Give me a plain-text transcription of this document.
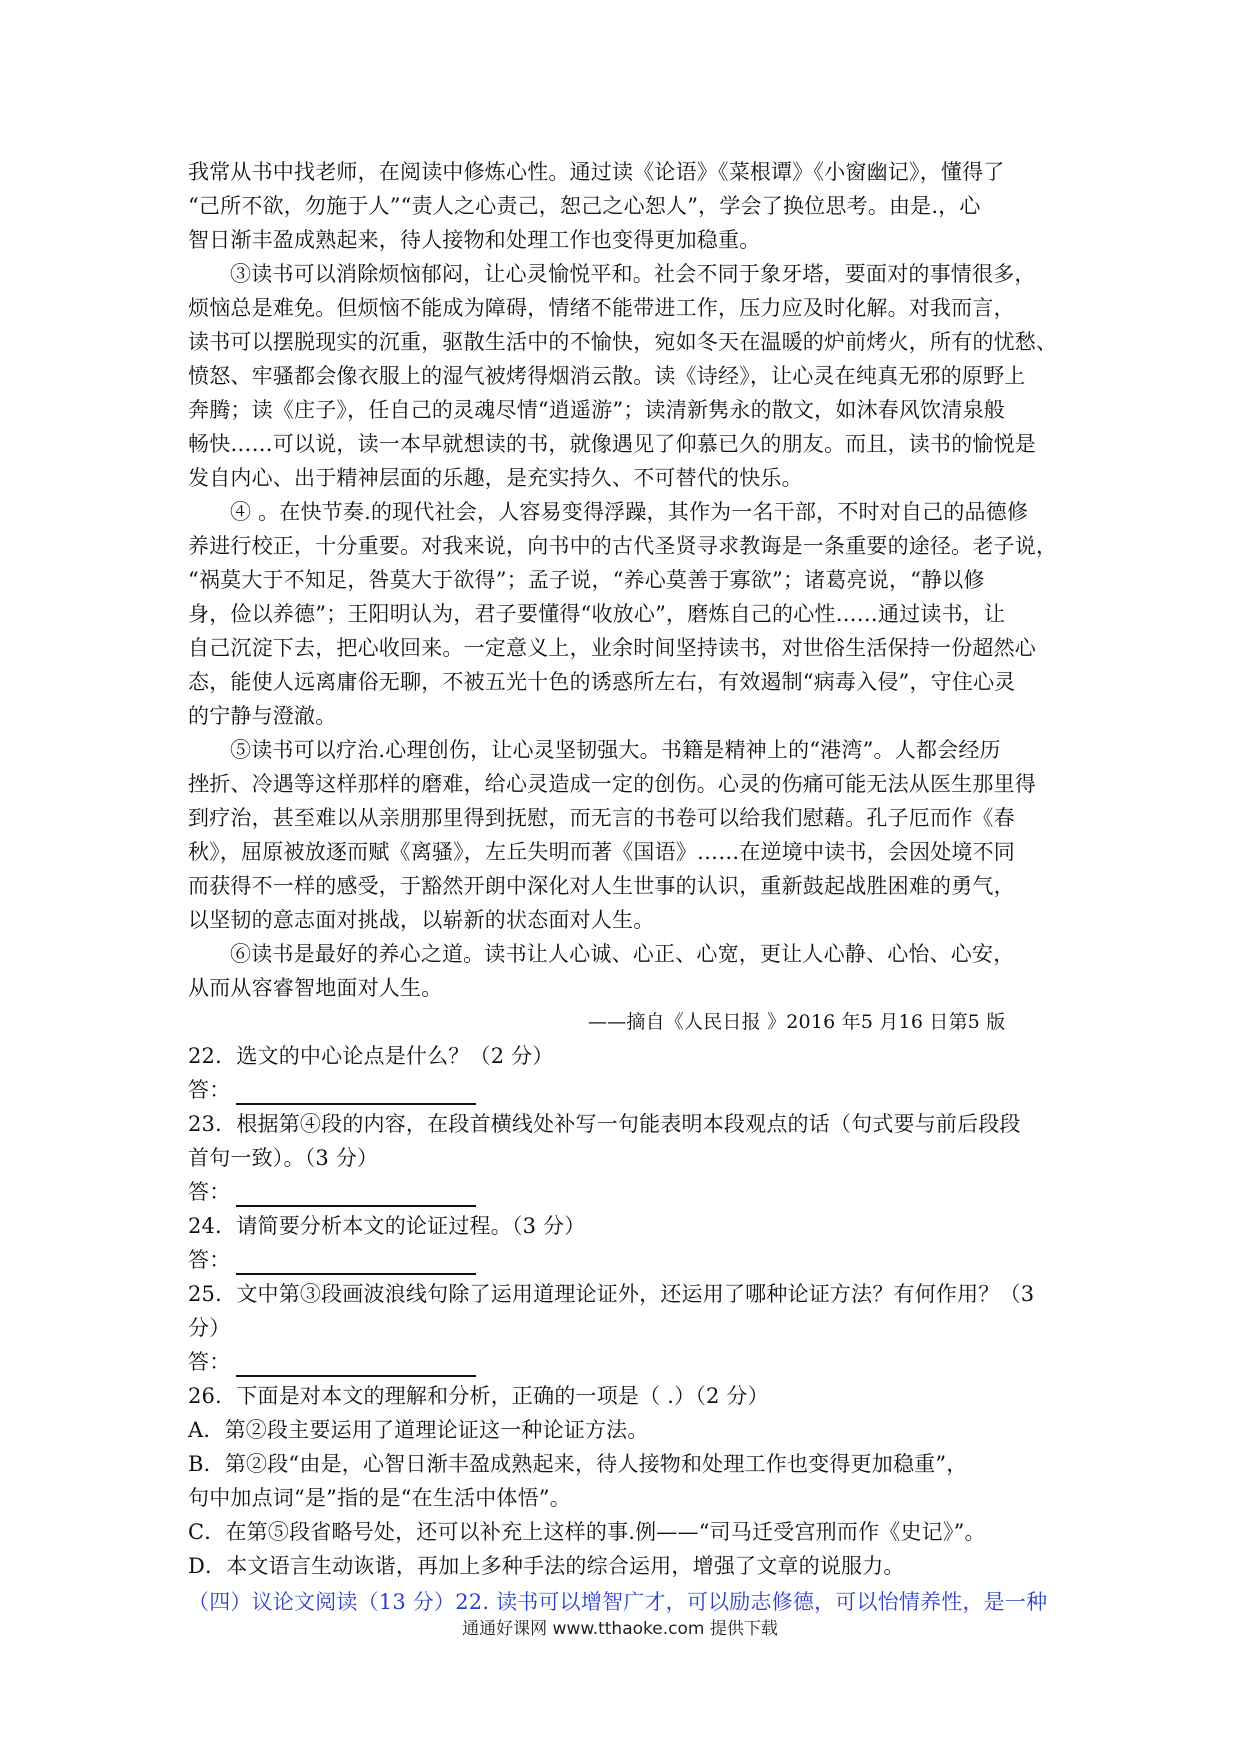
我常从书中找老师，在阅读中修炼心性。通过读《论语》《菜根谭》《小窗幽记》，懂得了
“己所不欲，勿施于人”“责人之心责己，恕己之心恕人”，学会了换位思考。由是.，心
智日渐丰盈成熟起来，待人接物和处理工作也变得更加稳重。
③读书可以消除烦恼郁闷，让心灵愉悦平和。社会不同于象牙塔，要面对的事情很多，
烦恼总是难免。但烦恼不能成为障碍，情绪不能带进工作，压力应及时化解。对我而言，
读书可以摆脱现实的沉重，驱散生活中的不愉快，宛如冬天在温暖的炉前烤火，所有的忧愁、
愤怒、牢骚都会像衣服上的湿气被烤得烟消云散。读《诗经》，让心灵在纯真无邪的原野上
奔腾；读《庄子》，任自己的灵魂尽情“逍遥游”；读清新隽永的散文，如沐春风饮清泉般
畅快……可以说，读一本早就想读的书，就像遇见了仰慕已久的朋友。而且，读书的愉悦是
发自内心、出于精神层面的乐趣，是充实持久、不可替代的快乐。
④ 。在快节奏.的现代社会，人容易变得浮躁，其作为一名干部，不时对自己的品德修
养进行校正，十分重要。对我来说，向书中的古代圣贤寻求教诲是一条重要的途径。老子说，
“祸莫大于不知足，咎莫大于欲得”；孟子说，“养心莫善于寡欲”；诸葛亮说，“静以修
身，俭以养德”；王阳明认为，君子要懂得“收放心”，磨炼自己的心性……通过读书，让
自己沉淀下去，把心收回来。一定意义上，业余时间坚持读书，对世俗生活保持一份超然心
态，能使人远离庸俗无聊，不被五光十色的诱惑所左右，有效遏制“病毒入侵”，守住心灵
的宁静与澄澈。
⑤读书可以疗治.心理创伤，让心灵坚韧强大。书籍是精神上的“港湾”。人都会经历
挫折、冷遇等这样那样的磨难，给心灵造成一定的创伤。心灵的伤痛可能无法从医生那里得
到疗治，甚至难以从亲朋那里得到抚慰，而无言的书卷可以给我们慰藉。孔子厄而作《春
秋》，屈原被放逐而赋《离骚》，左丘失明而著《国语》……在逆境中读书，会因处境不同
而获得不一样的感受，于豁然开朗中深化对人生世事的认识，重新鼓起战胜困难的勇气，
以坚韧的意志面对挑战，以崭新的状态面对人生。
⑥读书是最好的养心之道。读书让人心诚、心正、心宽，更让人心静、心怡、心安，
从而从容睿智地面对人生。
——摘自《人民日报 》2016 年5 月16 日第5 版
22．选文的中心论点是什么？（2 分）
答：
23．根据第④段的内容，在段首横线处补写一句能表明本段观点的话（句式要与前后段段
首句一致）。（3 分）
答：
24．请简要分析本文的论证过程。（3 分）
答：
25．文中第③段画波浪线句除了运用道理论证外，还运用了哪种论证方法？有何作用？（3
分）
答：
26．下面是对本文的理解和分析，正确的一项是（ .）（2 分）
A．第②段主要运用了道理论证这一种论证方法。
B．第②段“由是，心智日渐丰盈成熟起来，待人接物和处理工作也变得更加稳重”，
句中加点词“是”指的是“在生活中体悟”。
C．在第⑤段省略号处，还可以补充上这样的事.例——“司马迁受宫刑而作《史记》”。
D．本文语言生动诙谐，再加上多种手法的综合运用，增强了文章的说服力。
（四）议论文阅读（13 分）22. 读书可以增智广才，可以励志修德，可以怡情养性，是一种
通通好课网 www.tthaoke.com 提供下载
